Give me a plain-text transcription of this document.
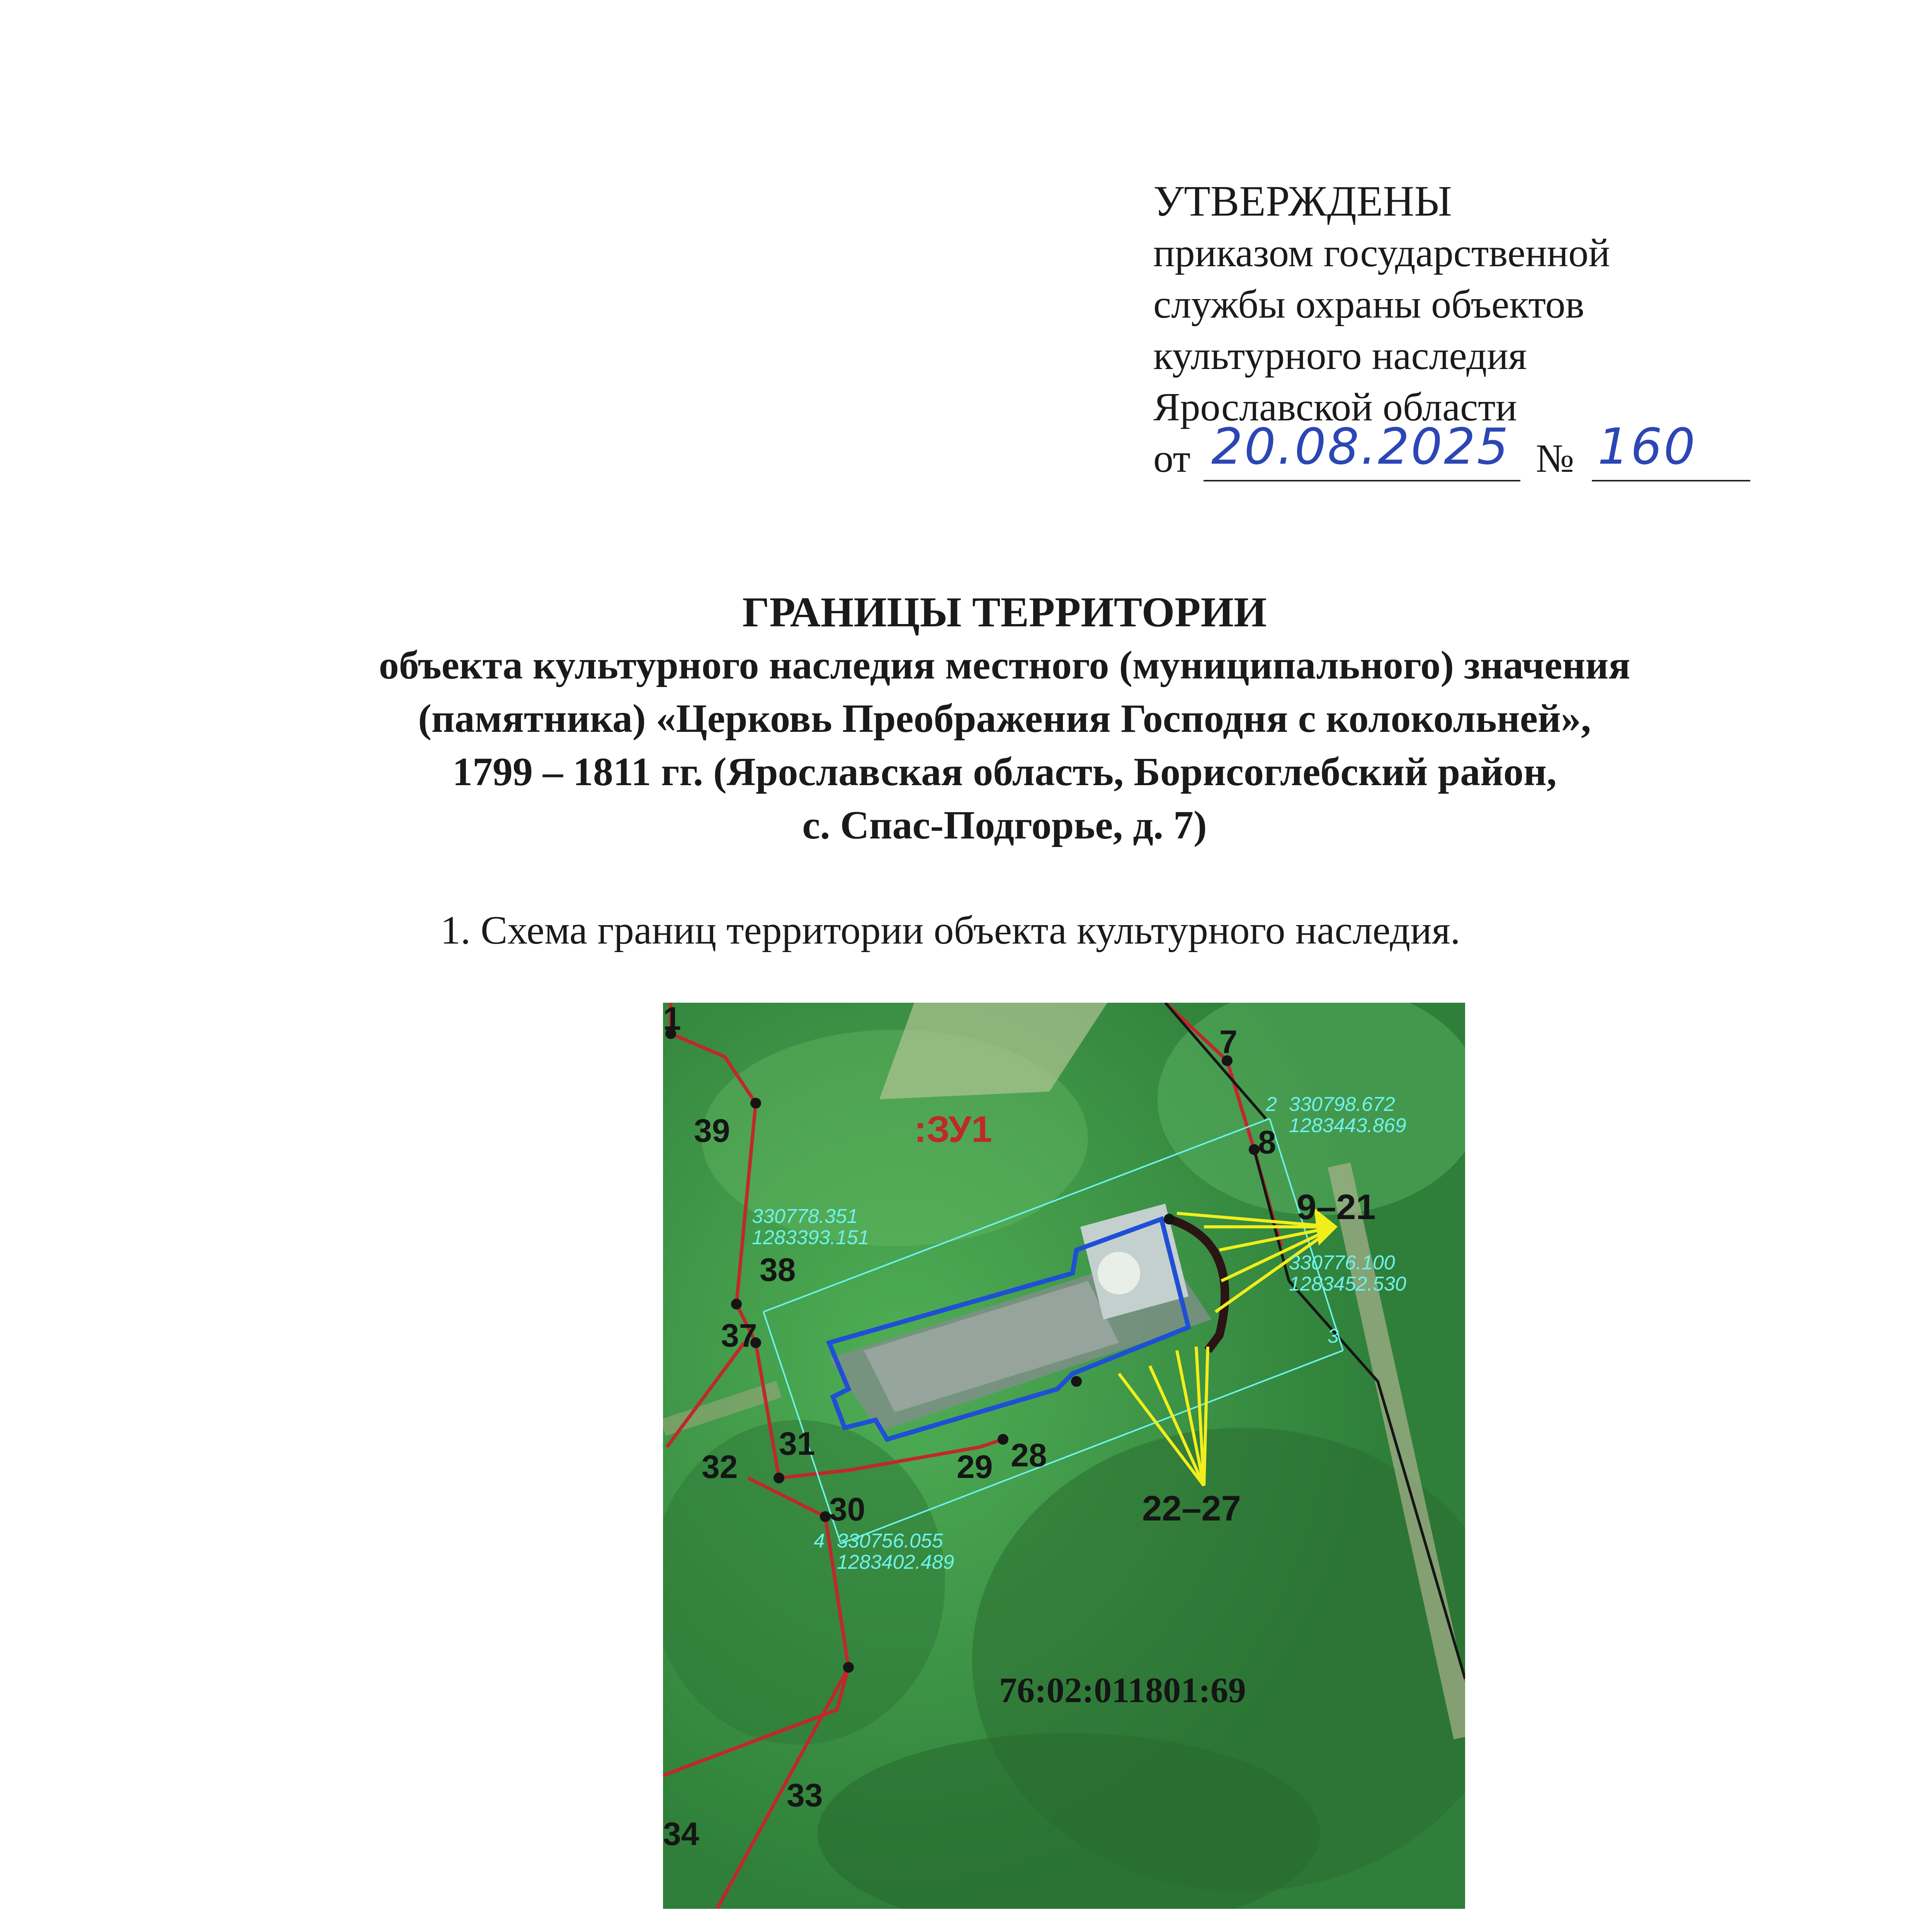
УТВЕРЖДЕНЫ
приказом государственной
службы охраны объектов
культурного наследия
Ярославской области
от 20.08.2025 № 160
ГРАНИЦЫ ТЕРРИТОРИИ
объекта культурного наследия местного (муниципального) значения
(памятника) «Церковь Преображения Господня с колокольней»,
1799 – 1811 гг. (Ярославская область, Борисоглебский район,
с. Спас-Подгорье, д. 7)
1. Схема границ территории объекта культурного наследия.
1
7
8
39
38
37
32
31
30
29 28
33
34
9–21
22–27
76:02:011801:69
:ЗУ1
2 330798.672
1283443.869
330778.351
1283393.151
330776.100
1283452.530
3
4 330756.055
1283402.489
